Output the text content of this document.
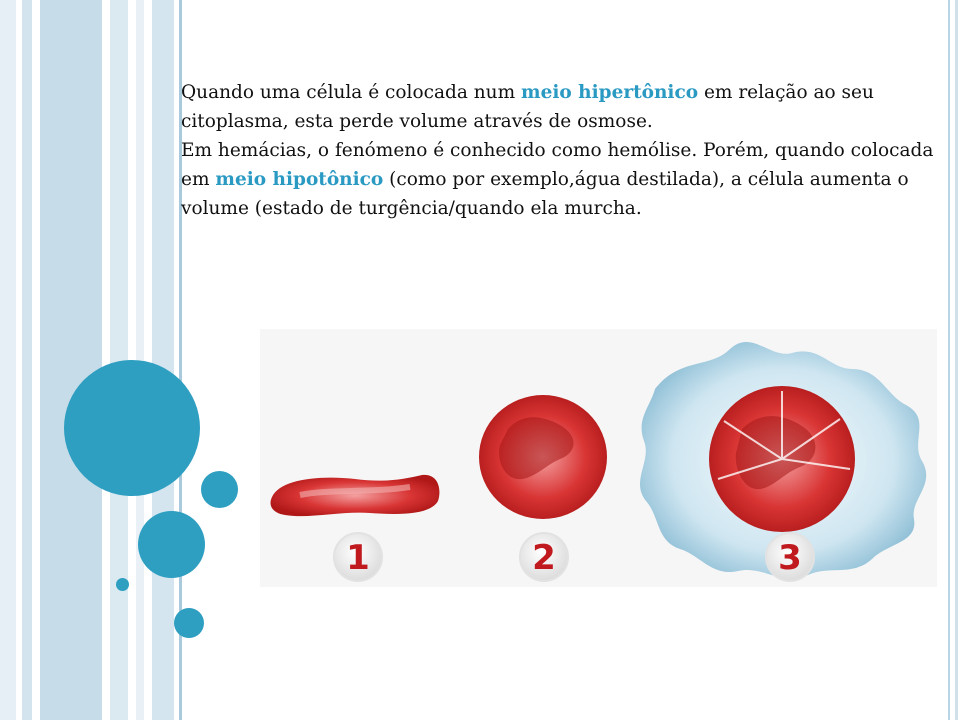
Quando uma célula é colocada num meio hipertônico em relação ao seu citoplasma, esta perde volume através de osmose.
Em hemácias, o fenómeno é conhecido como hemólise. Porém, quando colocada em meio hipotônico (como por exemplo,água destilada), a célula aumenta o volume (estado de turgência/quando ela murcha.
1	2	3
